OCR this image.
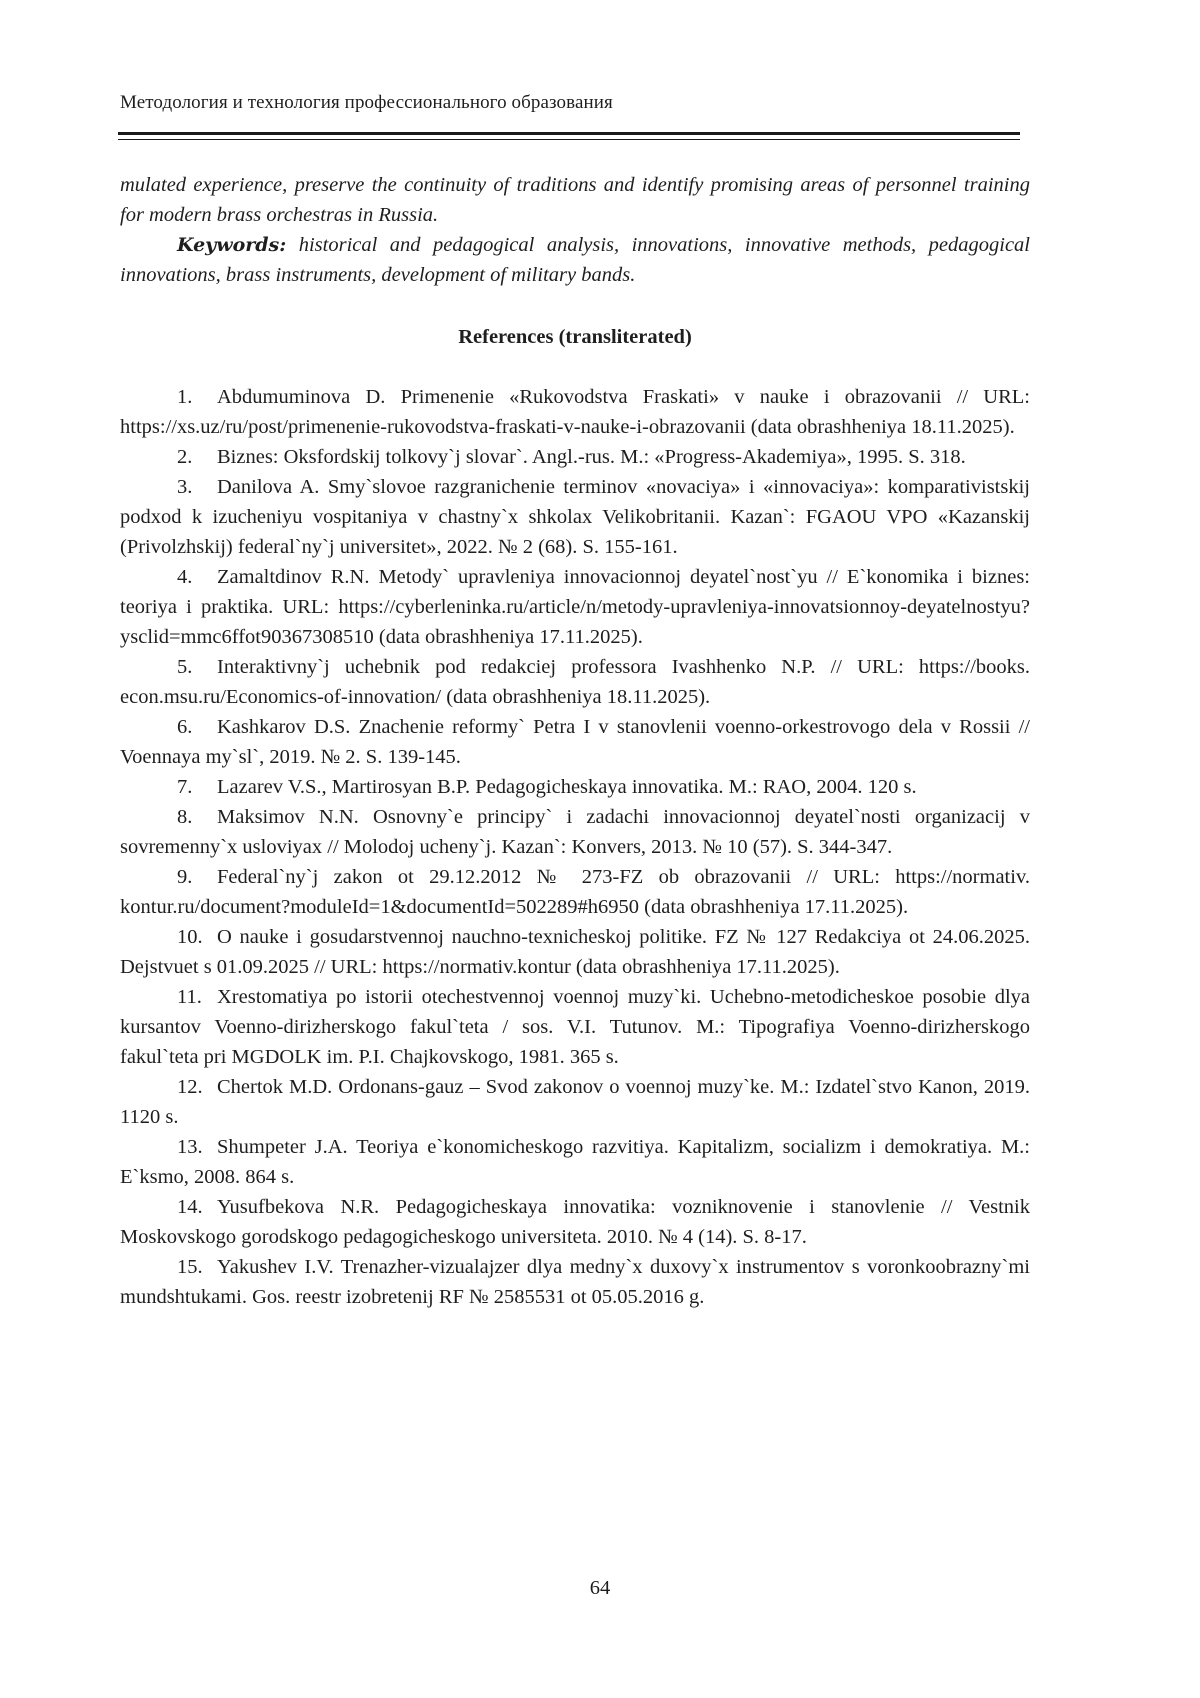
Методология и технология профессионального образования

mulated experience, preserve the continuity of traditions and identify promising areas of personnel training for modern brass orchestras in Russia.

Keywords: historical and pedagogical analysis, innovations, innovative methods, pedagogical innovations, brass instruments, development of military bands.

References (transliterated)

1. Abdumuminova D. Primenenie «Rukovodstva Fraskati» v nauke i obrazovanii // URL: https://xs.uz/ru/post/primenenie-rukovodstva-fraskati-v-nauke-i-obrazovanii (data obrashheniya 18.11.2025).

2. Biznes: Oksfordskij tolkovy`j slovar`. Angl.-rus. M.: «Progress-Akademiya», 1995. S. 318.

3. Danilova A. Smy`slovoe razgranichenie terminov «novaciya» i «innovaciya»: komparativistskij podxod k izucheniyu vospitaniya v chastny`x shkolax Velikobritanii. Kazan`: FGAOU VPO «Kazanskij (Privolzhskij) federal`ny`j universitet», 2022. № 2 (68). S. 155-161.

4. Zamaltdinov R.N. Metody` upravleniya innovacionnoj deyatel`nost`yu // E`konomika i biznes: teoriya i praktika. URL: https://cyberleninka.ru/article/n/metody-upravleniya-innovatsionnoy-deyatelnostyu?ysclid=mmc6ffot90367308510 (data obrashheniya 17.11.2025).

5. Interaktivny`j uchebnik pod redakciej professora Ivashhenko N.P. // URL: https://books. econ.msu.ru/Economics-of-innovation/ (data obrashheniya 18.11.2025).

6. Kashkarov D.S. Znachenie reformy` Petra I v stanovlenii voenno-orkestrovogo dela v Rossii // Voennaya my`sl`, 2019. № 2. S. 139-145.

7. Lazarev V.S., Martirosyan B.P. Pedagogicheskaya innovatika. M.: RAO, 2004. 120 s.

8. Maksimov N.N. Osnovny`e principy` i zadachi innovacionnoj deyatel`nosti organizacij v sovremenny`x usloviyax // Molodoj ucheny`j. Kazan`: Konvers, 2013. № 10 (57). S. 344-347.

9. Federal`ny`j zakon ot 29.12.2012 № 273-FZ ob obrazovanii // URL: https://normativ. kontur.ru/document?moduleId=1&documentId=502289#h6950 (data obrashheniya 17.11.2025).

10. O nauke i gosudarstvennoj nauchno-texnicheskoj politike. FZ № 127 Redakciya ot 24.06.2025. Dejstvuet s 01.09.2025 // URL: https://normativ.kontur (data obrashheniya 17.11.2025).

11. Xrestomatiya po istorii otechestvennoj voennoj muzy`ki. Uchebno-metodicheskoe posobie dlya kursantov Voenno-dirizherskogo fakul`teta / sos. V.I. Tutunov. M.: Tipografiya Voenno-dirizherskogo fakul`teta pri MGDOLK im. P.I. Chajkovskogo, 1981. 365 s.

12. Chertok M.D. Ordonans-gauz – Svod zakonov o voennoj muzy`ke. M.: Izdatel`stvo Kanon, 2019. 1120 s.

13. Shumpeter J.A. Teoriya e`konomicheskogo razvitiya. Kapitalizm, socializm i demokratiya. M.: E`ksmo, 2008. 864 s.

14. Yusufbekova N.R. Pedagogicheskaya innovatika: vozniknovenie i stanovlenie // Vestnik Moskovskogo gorodskogo pedagogicheskogo universiteta. 2010. № 4 (14). S. 8-17.

15. Yakushev I.V. Trenazher-vizualajzer dlya medny`x duxovy`x instrumentov s voronkoobrazny`mi mundshtukami. Gos. reestr izobretenij RF № 2585531 ot 05.05.2016 g.

64
